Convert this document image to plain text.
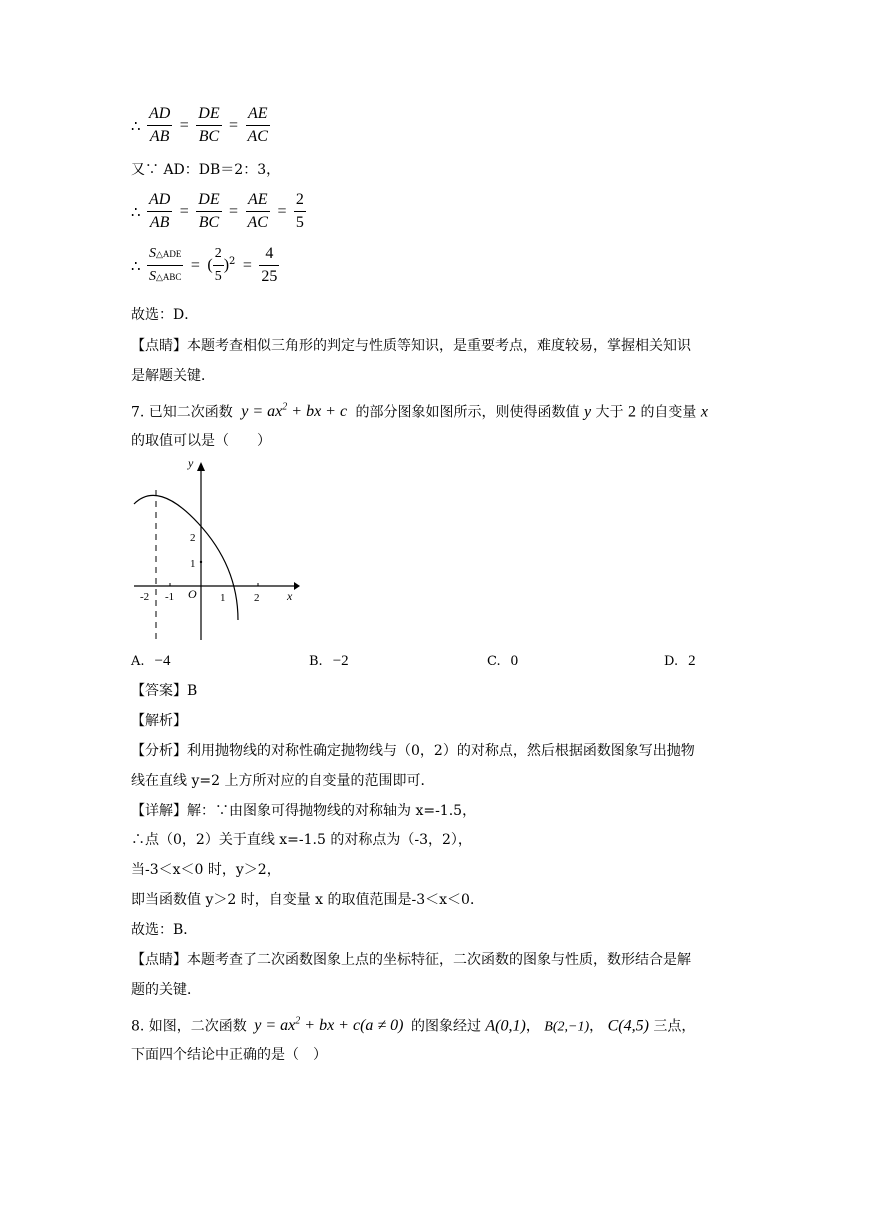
∴ $\frac{AD}{AB} = \frac{DE}{BC} = \frac{AE}{AC}$
又∵ AD：DB＝2：3，
∴ $\frac{AD}{AB} = \frac{DE}{BC} = \frac{AE}{AC} = \frac{2}{5}$
∴ $\frac{\text{S△ADE}}{\text{S△ABC}}$ = ( $\frac{2}{5} )^2 = \frac{4}{25}$
故选：D．
【点睛】本题考查相似三角形的判定与性质等知识，是重要考点，难度较易，掌握相关知识
是解题关键．
7. 已知二次函数 $y = ax^2$ + bx + c 的部分图象如图所示，则使得函数值 y 大于 2 的自变量 x
的取值可以是（　　）
y
x
O
-2 -1	1	2
1
2
A. −4	B. −2	C. 0	D. 2
【答案】B
【解析】
【分析】利用抛物线的对称性确定抛物线与（0，2）的对称点，然后根据函数图象写出抛物
线在直线 y=2 上方所对应的自变量的范围即可．
【详解】解：∵由图象可得抛物线的对称轴为 x=-1.5，
∴点（0，2）关于直线 x=-1.5 的对称点为（-3，2），
当-3＜x＜0 时，y＞2，
即当函数值 y＞2 时，自变量 x 的取值范围是-3＜x＜0．
故选：B．
【点睛】本题考查了二次函数图象上点的坐标特征，二次函数的图象与性质，数形结合是解
题的关键．
8. 如图，二次函数 $y = ax^2$ + bx + c(a ≠ 0) 的图象经过 A(0,1)， B(2,−1)， C(4,5) 三点，
下面四个结论中正确的是（　）
